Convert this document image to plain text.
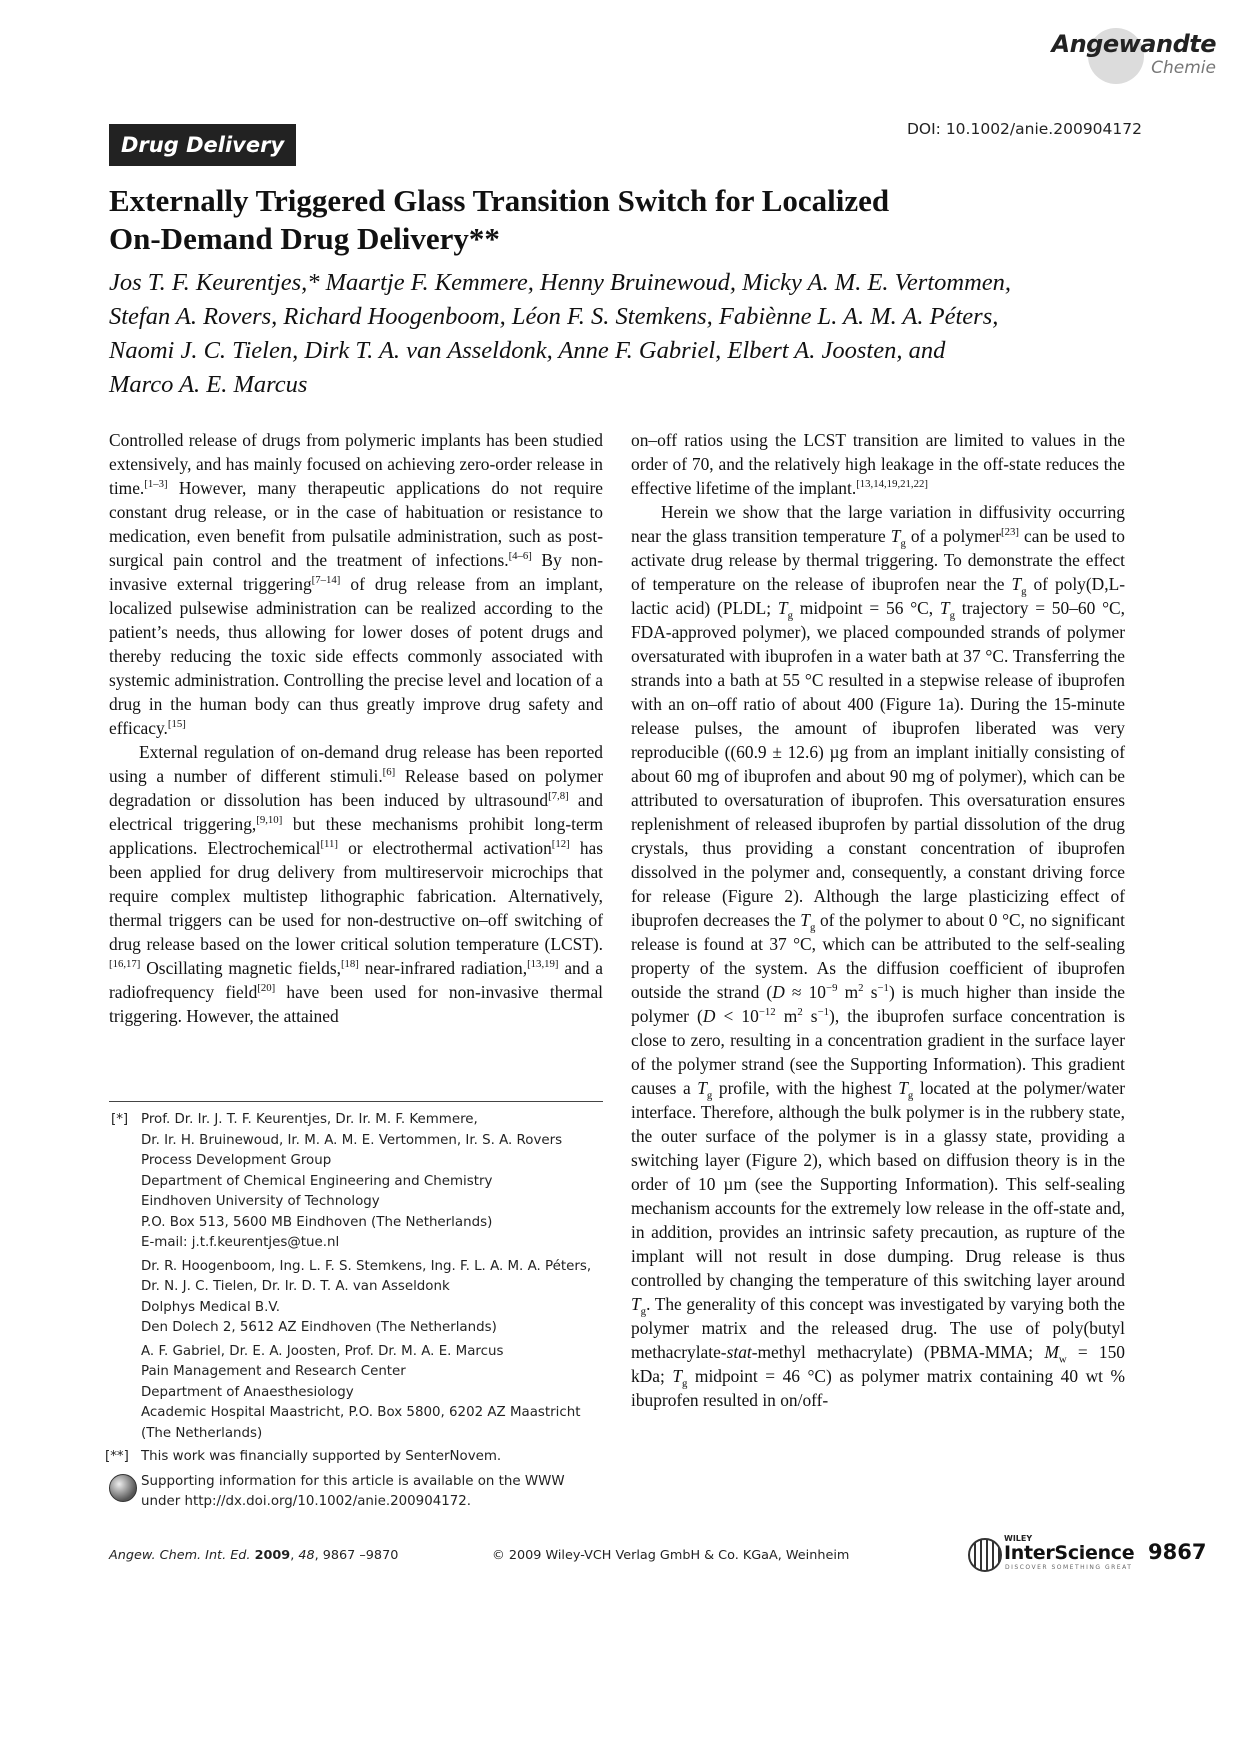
Angewandte
Chemie
Drug Delivery
DOI: 10.1002/anie.200904172
Externally Triggered Glass Transition Switch for Localized
On-Demand Drug Delivery**
Jos T. F. Keurentjes,* Maartje F. Kemmere, Henny Bruinewoud, Micky A. M. E. Vertommen,
Stefan A. Rovers, Richard Hoogenboom, Léon F. S. Stemkens, Fabiènne L. A. M. A. Péters,
Naomi J. C. Tielen, Dirk T. A. van Asseldonk, Anne F. Gabriel, Elbert A. Joosten, and
Marco A. E. Marcus

Controlled release of drugs from polymeric implants has been studied extensively, and has mainly focused on achieving zero-order release in time.[1–3] However, many therapeutic applications do not require constant drug release, or in the case of habituation or resistance to medication, even benefit from pulsatile administration, such as post-surgical pain control and the treatment of infections.[4–6] By non-invasive external triggering[7–14] of drug release from an implant, localized pulsewise administration can be realized according to the patient’s needs, thus allowing for lower doses of potent drugs and thereby reducing the toxic side effects commonly associated with systemic administration. Controlling the precise level and location of a drug in the human body can thus greatly improve drug safety and efficacy.[15]

External regulation of on-demand drug release has been reported using a number of different stimuli.[6] Release based on polymer degradation or dissolution has been induced by ultrasound[7,8] and electrical triggering,[9,10] but these mechanisms prohibit long-term applications. Electrochemical[11] or electrothermal activation[12] has been applied for drug delivery from multireservoir microchips that require complex multistep lithographic fabrication. Alternatively, thermal triggers can be used for non-destructive on–off switching of drug release based on the lower critical solution temperature (LCST).[16,17] Oscillating magnetic fields,[18] near-infrared radiation,[13,19] and a radiofrequency field[20] have been used for non-invasive thermal triggering. However, the attained

on–off ratios using the LCST transition are limited to values in the order of 70, and the relatively high leakage in the off-state reduces the effective lifetime of the implant.[13,14,19,21,22]

Herein we show that the large variation in diffusivity occurring near the glass transition temperature $T_g$ of a polymer[23] can be used to activate drug release by thermal triggering. To demonstrate the effect of temperature on the release of ibuprofen near the $T_g$ of poly(D,L-lactic acid) (PLDL; $T_g$ midpoint = 56 °C, $T_g$ trajectory = 50–60 °C, FDA-approved polymer), we placed compounded strands of polymer oversaturated with ibuprofen in a water bath at 37 °C. Transferring the strands into a bath at 55 °C resulted in a stepwise release of ibuprofen with an on–off ratio of about 400 (Figure 1a). During the 15-minute release pulses, the amount of ibuprofen liberated was very reproducible ((60.9 ± 12.6) µg from an implant initially consisting of about 60 mg of ibuprofen and about 90 mg of polymer), which can be attributed to oversaturation of ibuprofen. This oversaturation ensures replenishment of released ibuprofen by partial dissolution of the drug crystals, thus providing a constant concentration of ibuprofen dissolved in the polymer and, consequently, a constant driving force for release (Figure 2). Although the large plasticizing effect of ibuprofen decreases the $T_g$ of the polymer to about 0 °C, no significant release is found at 37 °C, which can be attributed to the self-sealing property of the system. As the diffusion coefficient of ibuprofen outside the strand ($D \approx 10^{-9}$ $m^2$ $s^{-1}$) is much higher than inside the polymer ($D < 10^{-12}$ $m^2$ $s^{-1}$), the ibuprofen surface concentration is close to zero, resulting in a concentration gradient in the surface layer of the polymer strand (see the Supporting Information). This gradient causes a $T_g$ profile, with the highest $T_g$ located at the polymer/water interface. Therefore, although the bulk polymer is in the rubbery state, the outer surface of the polymer is in a glassy state, providing a switching layer (Figure 2), which based on diffusion theory is in the order of 10 µm (see the Supporting Information). This self-sealing mechanism accounts for the extremely low release in the off-state and, in addition, provides an intrinsic safety precaution, as rupture of the implant will not result in dose dumping. Drug release is thus controlled by changing the temperature of this switching layer around $T_g$. The generality of this concept was investigated by varying both the polymer matrix and the released drug. The use of poly(butyl methacrylate-stat-methyl methacrylate) (PBMA-MMA; $M_w = 150$ kDa; $T_g$ midpoint = 46 °C) as polymer matrix containing 40 wt % ibuprofen resulted in on/off-

[*] Prof. Dr. Ir. J. T. F. Keurentjes, Dr. Ir. M. F. Kemmere,
Dr. Ir. H. Bruinewoud, Ir. M. A. M. E. Vertommen, Ir. S. A. Rovers
Process Development Group
Department of Chemical Engineering and Chemistry
Eindhoven University of Technology
P.O. Box 513, 5600 MB Eindhoven (The Netherlands)
E-mail: j.t.f.keurentjes@tue.nl
Dr. R. Hoogenboom, Ing. L. F. S. Stemkens, Ing. F. L. A. M. A. Péters,
Dr. N. J. C. Tielen, Dr. Ir. D. T. A. van Asseldonk
Dolphys Medical B.V.
Den Dolech 2, 5612 AZ Eindhoven (The Netherlands)
A. F. Gabriel, Dr. E. A. Joosten, Prof. Dr. M. A. E. Marcus
Pain Management and Research Center
Department of Anaesthesiology
Academic Hospital Maastricht, P.O. Box 5800, 6202 AZ Maastricht
(The Netherlands)
[**] This work was financially supported by SenterNovem.
Supporting information for this article is available on the WWW
under http://dx.doi.org/10.1002/anie.200904172.
Angew. Chem. Int. Ed. 2009, 48, 9867 –9870	© 2009 Wiley-VCH Verlag GmbH & Co. KGaA, Weinheim
WILEY
InterScience
DISCOVER SOMETHING GREAT
9867
